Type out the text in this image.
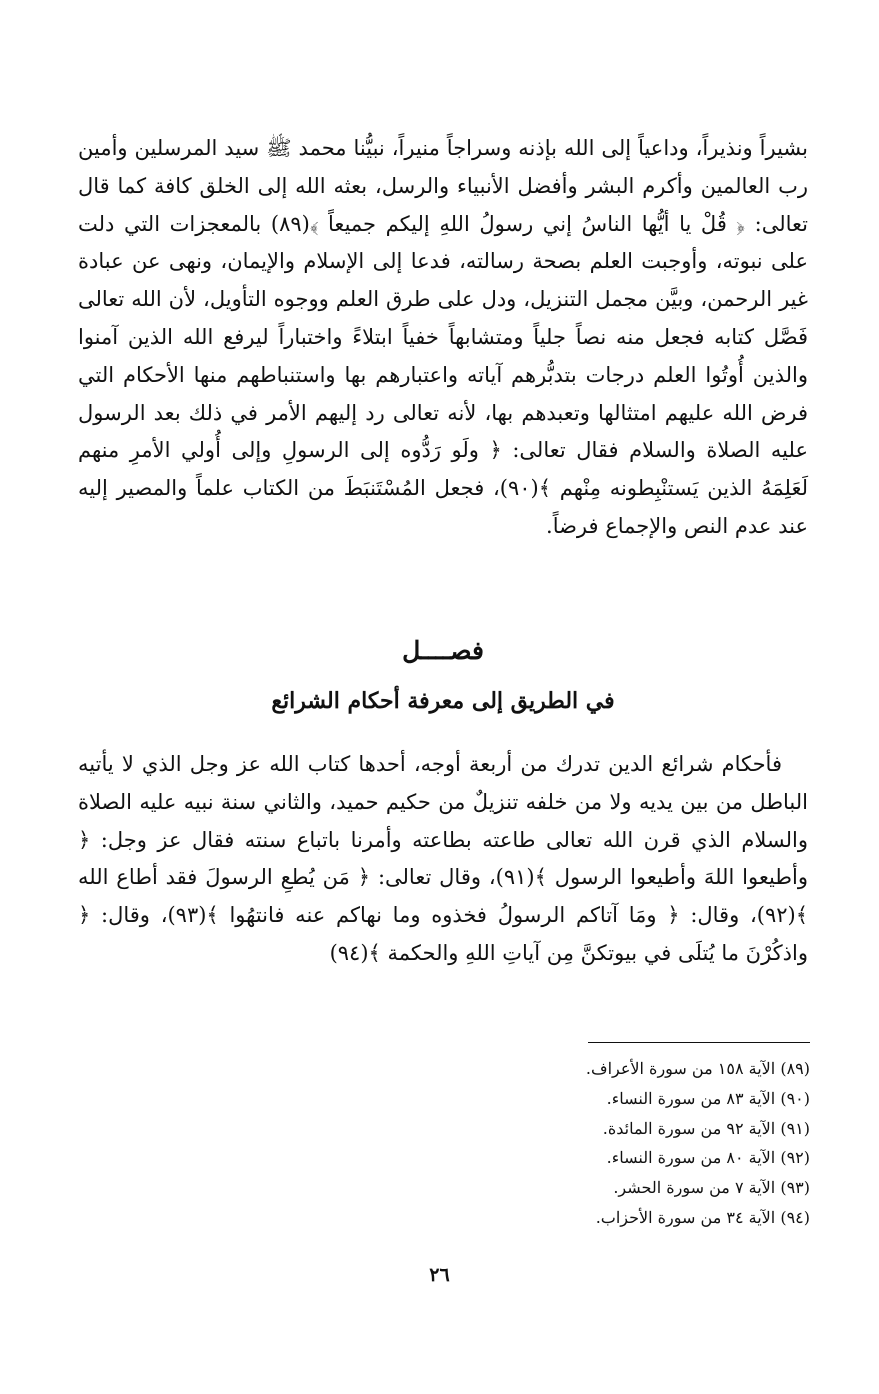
بشيراً ونذيراً، وداعياً إلى الله بإذنه وسراجاً منيراً، نبيُّنا محمد ﷺ سيد المرسلين وأمين رب العالمين وأكرم البشر وأفضل الأنبياء والرسل، بعثه الله إلى الخلق كافة كما قال تعالى: ﴿ قُلْ يا أيُّها الناسُ إني رسولُ اللهِ إليكم جميعاً ﴾(٨٩) بالمعجزات التي دلت على نبوته، وأوجبت العلم بصحة رسالته، فدعا إلى الإسلام والإيمان، ونهى عن عبادة غير الرحمن، وبيَّن مجمل التنزيل، ودل على طرق العلم ووجوه التأويل، لأن الله تعالى فَصَّل كتابه فجعل منه نصاً جلياً ومتشابهاً خفياً ابتلاءً واختباراً ليرفع الله الذين آمنوا والذين أُوتُوا العلم درجات بتدبُّرهم آياته واعتبارهم بها واستنباطهم منها الأحكام التي فرض الله عليهم امتثالها وتعبدهم بها، لأنه تعالى رد إليهم الأمر في ذلك بعد الرسول عليه الصلاة والسلام فقال تعالى: ﴿ ولَو رَدُّوه إلى الرسولِ وإلى أُولي الأمرِ منهم لَعَلِمَهُ الذين يَستنْبِطونه مِنْهم ﴾(٩٠)، فجعل المُسْتَنبَطَ من الكتاب علماً والمصير إليه عند عدم النص والإجماع فرضاً.

فصــــل
في الطريق إلى معرفة أحكام الشرائع

فأحكام شرائع الدين تدرك من أربعة أوجه، أحدها كتاب الله عز وجل الذي لا يأتيه الباطل من بين يديه ولا من خلفه تنزيلٌ من حكيم حميد، والثاني سنة نبيه عليه الصلاة والسلام الذي قرن الله تعالى طاعته بطاعته وأمرنا باتباع سنته فقال عز وجل: ﴿ وأطيعوا اللهَ وأطيعوا الرسول ﴾(٩١)، وقال تعالى: ﴿ مَن يُطعِ الرسولَ فقد أطاع الله ﴾(٩٢)، وقال: ﴿ ومَا آتاكم الرسولُ فخذوه وما نهاكم عنه فانتهُوا ﴾(٩٣)، وقال: ﴿ واذكُرْنَ ما يُتلَى في بيوتكنَّ مِن آياتِ اللهِ والحكمة ﴾(٩٤)

(٨٩) الآية ١٥٨ من سورة الأعراف.
(٩٠) الآية ٨٣ من سورة النساء.
(٩١) الآية ٩٢ من سورة المائدة.
(٩٢) الآية ٨٠ من سورة النساء.
(٩٣) الآية ٧ من سورة الحشر.
(٩٤) الآية ٣٤ من سورة الأحزاب.
٢٦
